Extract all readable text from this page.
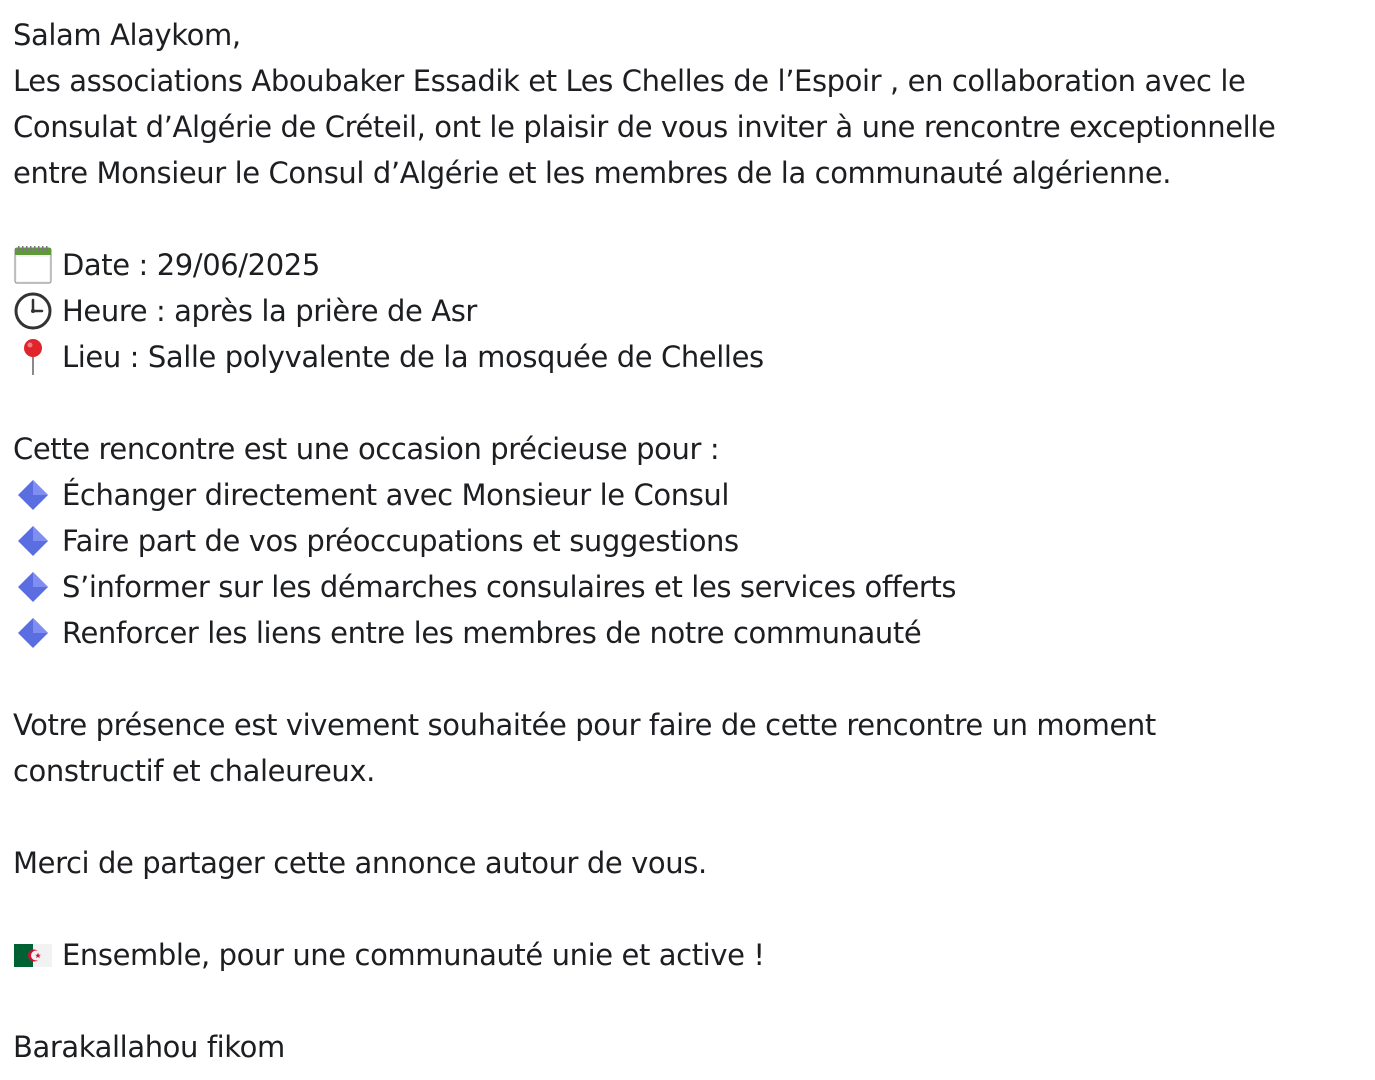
Salam Alaykom,
Les associations Aboubaker Essadik et Les Chelles de l’Espoir , en collaboration avec le
Consulat d’Algérie de Créteil, ont le plaisir de vous inviter à une rencontre exceptionnelle
entre Monsieur le Consul d’Algérie et les membres de la communauté algérienne.
Date : 29/06/2025
Heure : après la prière de Asr
Lieu : Salle polyvalente de la mosquée de Chelles
Cette rencontre est une occasion précieuse pour :
Échanger directement avec Monsieur le Consul
Faire part de vos préoccupations et suggestions
S’informer sur les démarches consulaires et les services offerts
Renforcer les liens entre les membres de notre communauté
Votre présence est vivement souhaitée pour faire de cette rencontre un moment
constructif et chaleureux.
Merci de partager cette annonce autour de vous.
Ensemble, pour une communauté unie et active !
Barakallahou fikom
